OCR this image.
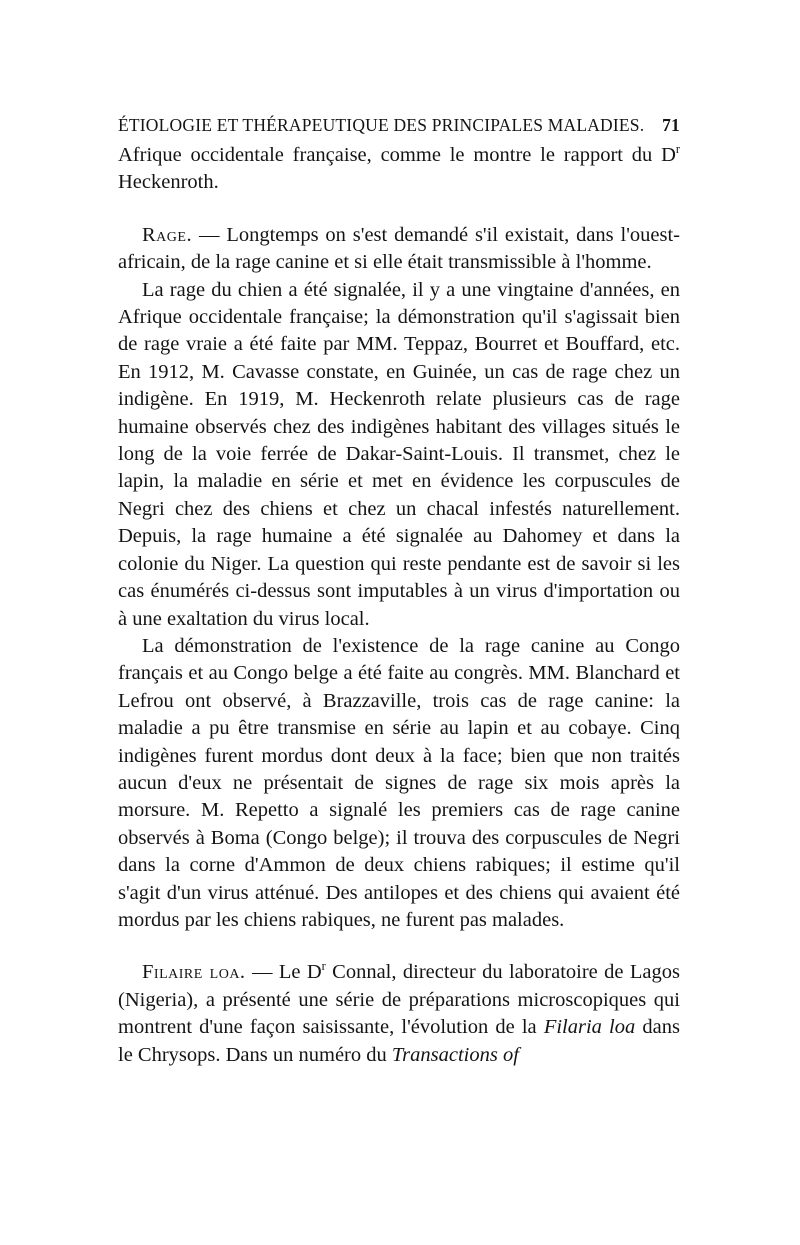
ÉTIOLOGIE ET THÉRAPEUTIQUE DES PRINCIPALES MALADIES. 71

Afrique occidentale française, comme le montre le rapport du $D^r$ Heckenroth.

Rage. — Longtemps on s'est demandé s'il existait, dans l'ouest-africain, de la rage canine et si elle était transmissible à l'homme.

La rage du chien a été signalée, il y a une vingtaine d'années, en Afrique occidentale française; la démonstration qu'il s'agissait bien de rage vraie a été faite par MM. Teppaz, Bourret et Bouffard, etc. En 1912, M. Cavasse constate, en Guinée, un cas de rage chez un indigène. En 1919, M. Heckenroth relate plusieurs cas de rage humaine observés chez des indigènes habitant des villages situés le long de la voie ferrée de Dakar-Saint-Louis. Il transmet, chez le lapin, la maladie en série et met en évidence les corpuscules de Negri chez des chiens et chez un chacal infestés naturellement. Depuis, la rage humaine a été signalée au Dahomey et dans la colonie du Niger. La question qui reste pendante est de savoir si les cas énumérés ci-dessus sont imputables à un virus d'importation ou à une exaltation du virus local.

La démonstration de l'existence de la rage canine au Congo français et au Congo belge a été faite au congrès. MM. Blanchard et Lefrou ont observé, à Brazzaville, trois cas de rage canine: la maladie a pu être transmise en série au lapin et au cobaye. Cinq indigènes furent mordus dont deux à la face; bien que non traités aucun d'eux ne présentait de signes de rage six mois après la morsure. M. Repetto a signalé les premiers cas de rage canine observés à Boma (Congo belge); il trouva des corpuscules de Negri dans la corne d'Ammon de deux chiens rabiques; il estime qu'il s'agit d'un virus atténué. Des antilopes et des chiens qui avaient été mordus par les chiens rabiques, ne furent pas malades.

Filaire loa. — Le $D^r$ Connal, directeur du laboratoire de Lagos (Nigeria), a présenté une série de préparations microscopiques qui montrent d'une façon saisissante, l'évolution de la Filaria loa dans le Chrysops. Dans un numéro du Transactions of
